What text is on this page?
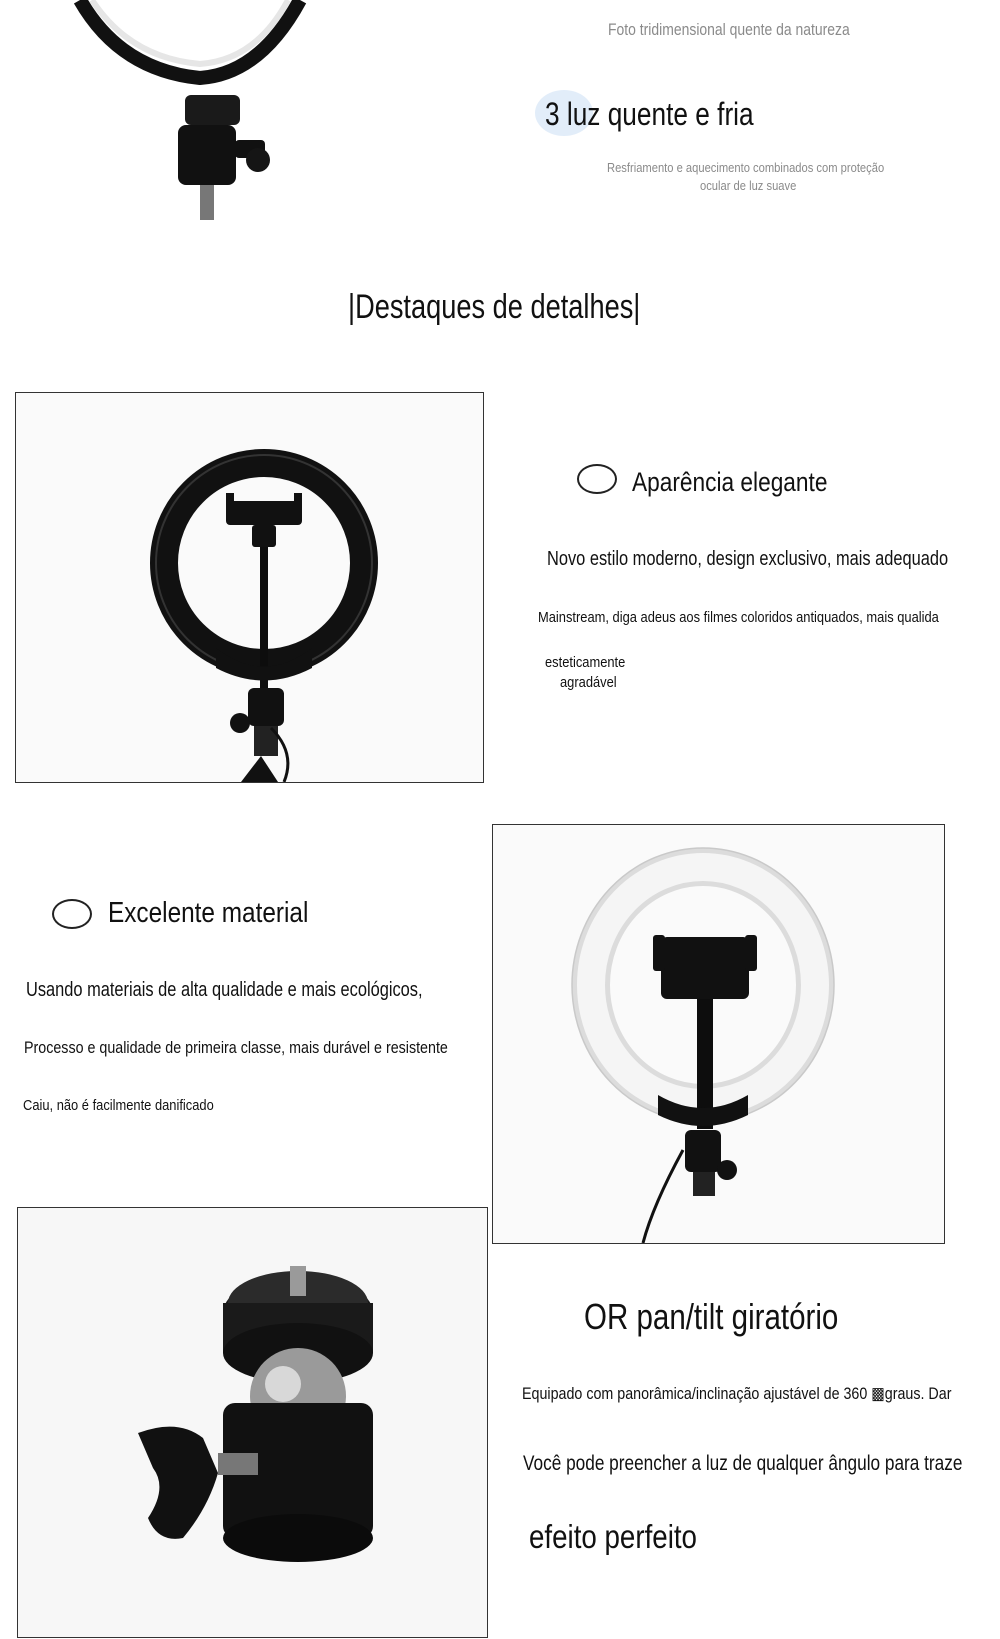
Foto tridimensional quente da natureza
3 luz quente e fria
Resfriamento e aquecimento combinados com proteção
ocular de luz suave
|Destaques de detalhes|
Aparência elegante
Novo estilo moderno, design exclusivo, mais adequado
Mainstream, diga adeus aos filmes coloridos antiquados, mais qualida
esteticamente
agradável
Excelente material
Usando materiais de alta qualidade e mais ecológicos,
Processo e qualidade de primeira classe, mais durável e resistente
Caiu, não é facilmente danificado
OR pan/tilt giratório
Equipado com panorâmica/inclinação ajustável de 360 ▩graus. Dar
Você pode preencher a luz de qualquer ângulo para traze
efeito perfeito
